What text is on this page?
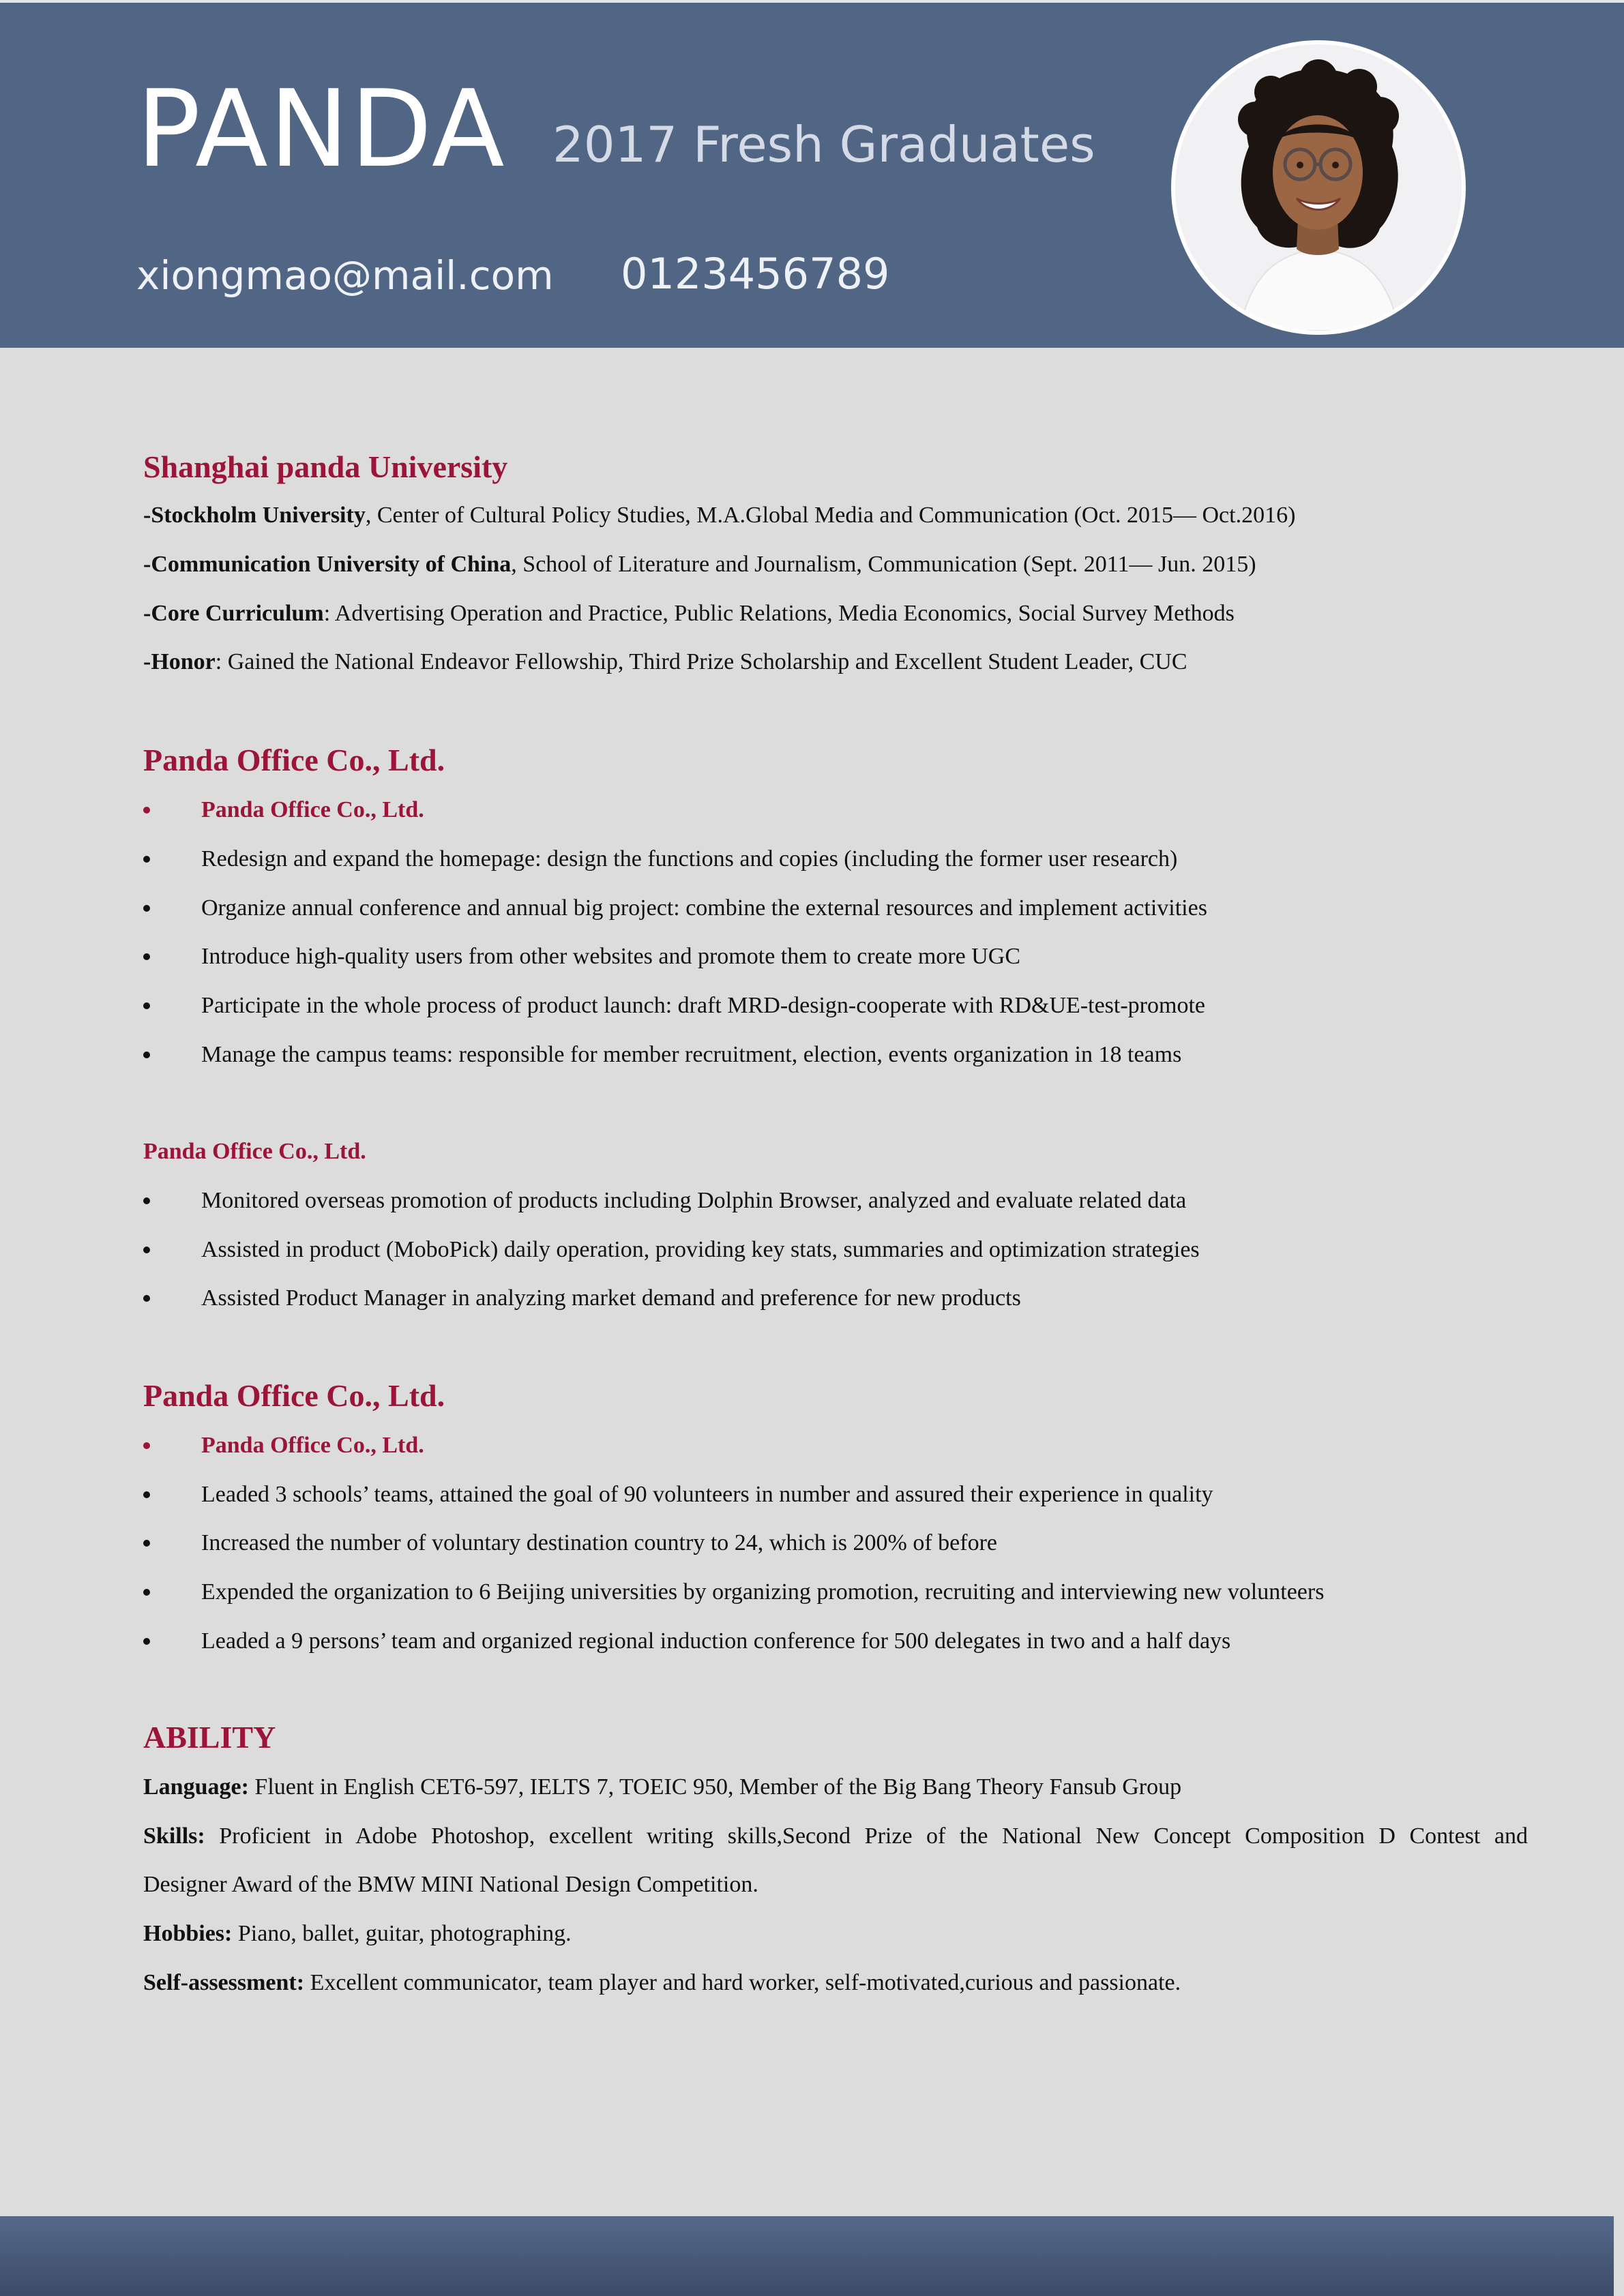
PANDA 2017 Fresh Graduates
xiongmao@mail.com 0123456789
Shanghai panda University
-Stockholm University, Center of Cultural Policy Studies, M.A.Global Media and Communication (Oct. 2015— Oct.2016)
-Communication University of China, School of Literature and Journalism, Communication (Sept. 2011— Jun. 2015)
-Core Curriculum: Advertising Operation and Practice, Public Relations, Media Economics, Social Survey Methods
-Honor: Gained the National Endeavor Fellowship, Third Prize Scholarship and Excellent Student Leader, CUC
Panda Office Co., Ltd.
Panda Office Co., Ltd.
Redesign and expand the homepage: design the functions and copies (including the former user research)
Organize annual conference and annual big project: combine the external resources and implement activities
Introduce high-quality users from other websites and promote them to create more UGC
Participate in the whole process of product launch: draft MRD-design-cooperate with RD&UE-test-promote
Manage the campus teams: responsible for member recruitment, election, events organization in 18 teams
Panda Office Co., Ltd.
Monitored overseas promotion of products including Dolphin Browser, analyzed and evaluate related data
Assisted in product (MoboPick) daily operation, providing key stats, summaries and optimization strategies
Assisted Product Manager in analyzing market demand and preference for new products
Panda Office Co., Ltd.
Panda Office Co., Ltd.
Leaded 3 schools’ teams, attained the goal of 90 volunteers in number and assured their experience in quality
Increased the number of voluntary destination country to 24, which is 200% of before
Expended the organization to 6 Beijing universities by organizing promotion, recruiting and interviewing new volunteers
Leaded a 9 persons’ team and organized regional induction conference for 500 delegates in two and a half days
ABILITY
Language: Fluent in English CET6-597, IELTS 7, TOEIC 950, Member of the Big Bang Theory Fansub Group
Skills: Proficient in Adobe Photoshop, excellent writing skills,Second Prize of the National New Concept Composition D Contest and
Designer Award of the BMW MINI National Design Competition.
Hobbies: Piano, ballet, guitar, photographing.
Self-assessment: Excellent communicator, team player and hard worker, self-motivated,curious and passionate.
